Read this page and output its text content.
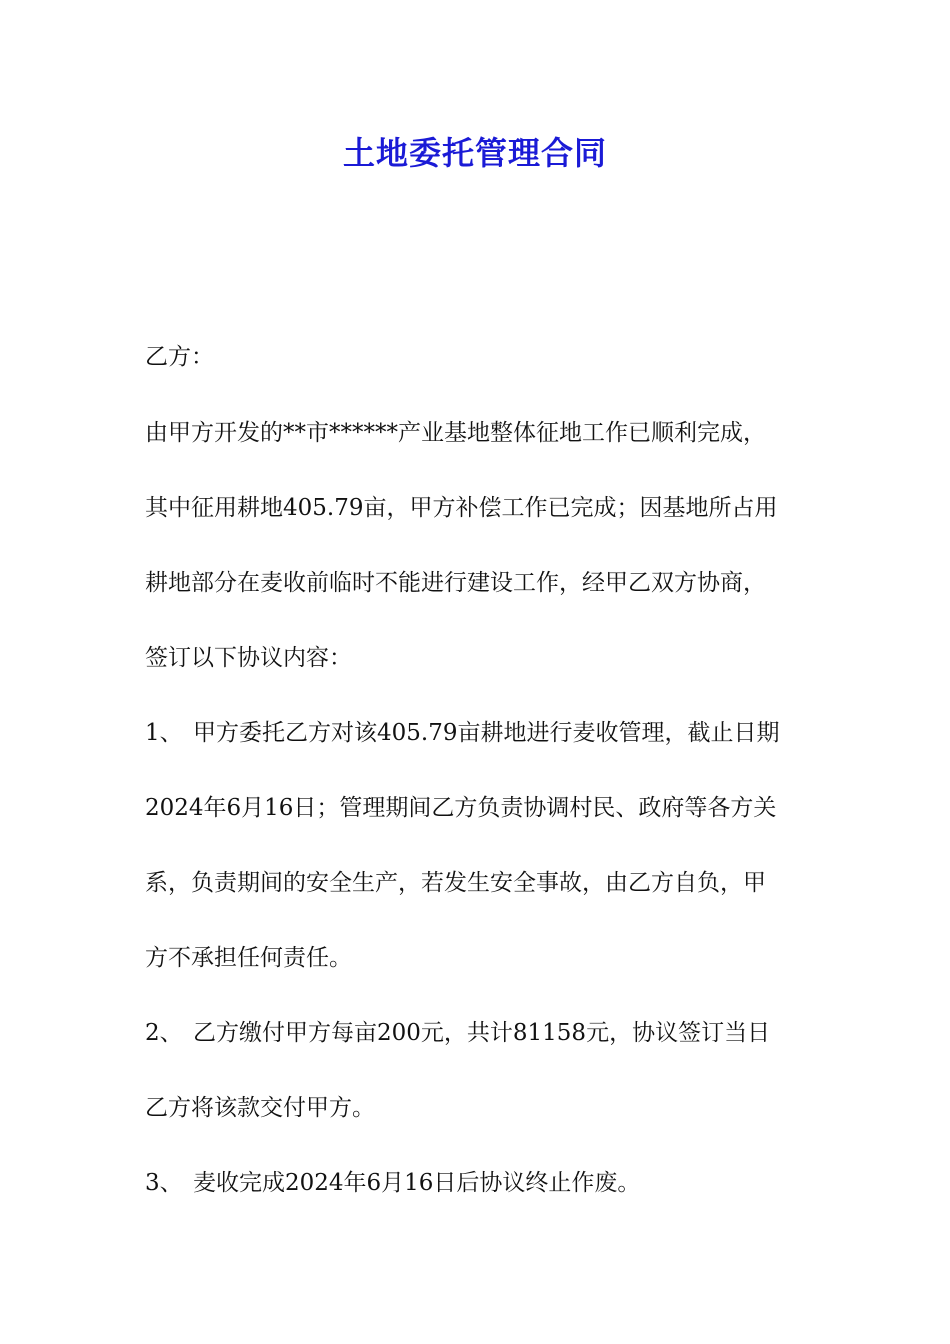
土地委托管理合同

乙方：

由甲方开发的**市******产业基地整体征地工作已顺利完成，

其中征用耕地405.79亩，甲方补偿工作已完成；因基地所占用

耕地部分在麦收前临时不能进行建设工作，经甲乙双方协商，

签订以下协议内容：

1、 甲方委托乙方对该405.79亩耕地进行麦收管理，截止日期

2024年6月16日；管理期间乙方负责协调村民、政府等各方关

系，负责期间的安全生产，若发生安全事故，由乙方自负，甲

方不承担任何责任。

2、 乙方缴付甲方每亩200元，共计81158元，协议签订当日

乙方将该款交付甲方。

3、 麦收完成2024年6月16日后协议终止作废。
